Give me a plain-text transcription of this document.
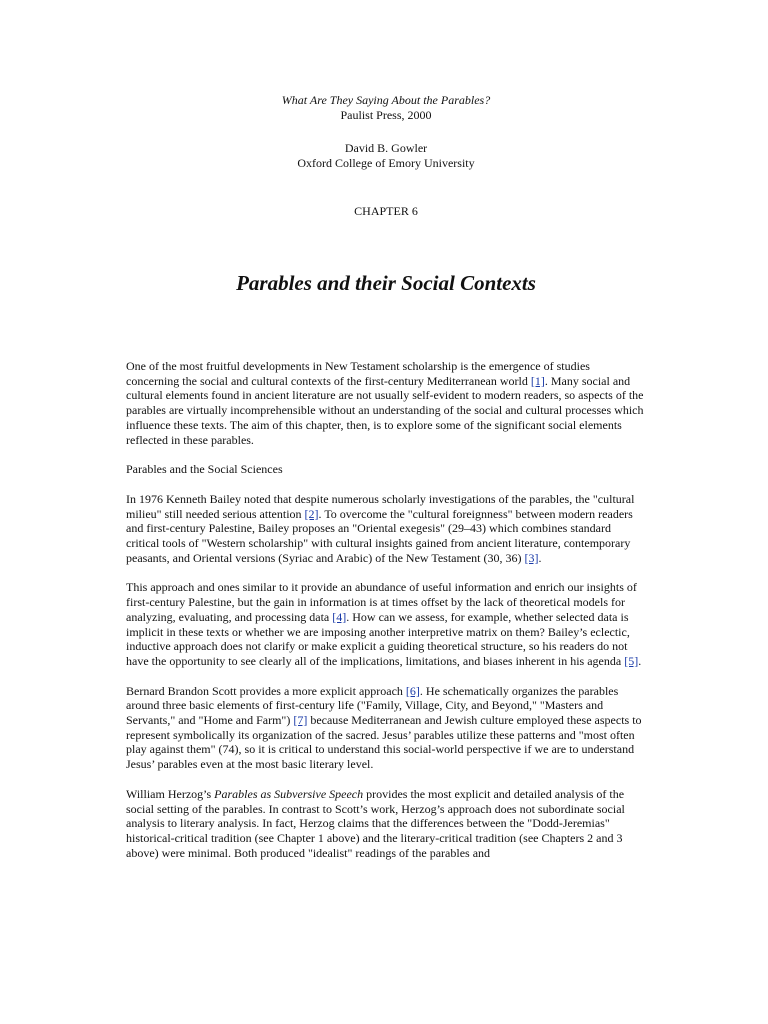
What Are They Saying About the Parables?
Paulist Press, 2000
David B. Gowler
Oxford College of Emory University
CHAPTER 6
Parables and their Social Contexts

One of the most fruitful developments in New Testament scholarship is the emergence of studies concerning the social and cultural contexts of the first-century Mediterranean world [1]. Many social and cultural elements found in ancient literature are not usually self-evident to modern readers, so aspects of the parables are virtually incomprehensible without an understanding of the social and cultural processes which influence these texts. The aim of this chapter, then, is to explore some of the significant social elements reflected in these parables.

Parables and the Social Sciences

In 1976 Kenneth Bailey noted that despite numerous scholarly investigations of the parables, the "cultural milieu" still needed serious attention [2]. To overcome the "cultural foreignness" between modern readers and first-century Palestine, Bailey proposes an "Oriental exegesis" (29–43) which combines standard critical tools of "Western scholarship" with cultural insights gained from ancient literature, contemporary peasants, and Oriental versions (Syriac and Arabic) of the New Testament (30, 36) [3].

This approach and ones similar to it provide an abundance of useful information and enrich our insights of first-century Palestine, but the gain in information is at times offset by the lack of theoretical models for analyzing, evaluating, and processing data [4]. How can we assess, for example, whether selected data is implicit in these texts or whether we are imposing another interpretive matrix on them? Bailey’s eclectic, inductive approach does not clarify or make explicit a guiding theoretical structure, so his readers do not have the opportunity to see clearly all of the implications, limitations, and biases inherent in his agenda [5].

Bernard Brandon Scott provides a more explicit approach [6]. He schematically organizes the parables around three basic elements of first-century life ("Family, Village, City, and Beyond," "Masters and Servants," and "Home and Farm") [7] because Mediterranean and Jewish culture employed these aspects to represent symbolically its organization of the sacred. Jesus’ parables utilize these patterns and "most often play against them" (74), so it is critical to understand this social-world perspective if we are to understand Jesus’ parables even at the most basic literary level.

William Herzog’s Parables as Subversive Speech provides the most explicit and detailed analysis of the social setting of the parables. In contrast to Scott’s work, Herzog’s approach does not subordinate social analysis to literary analysis. In fact, Herzog claims that the differences between the "Dodd-Jeremias" historical-critical tradition (see Chapter 1 above) and the literary-critical tradition (see Chapters 2 and 3 above) were minimal. Both produced "idealist" readings of the parables and
